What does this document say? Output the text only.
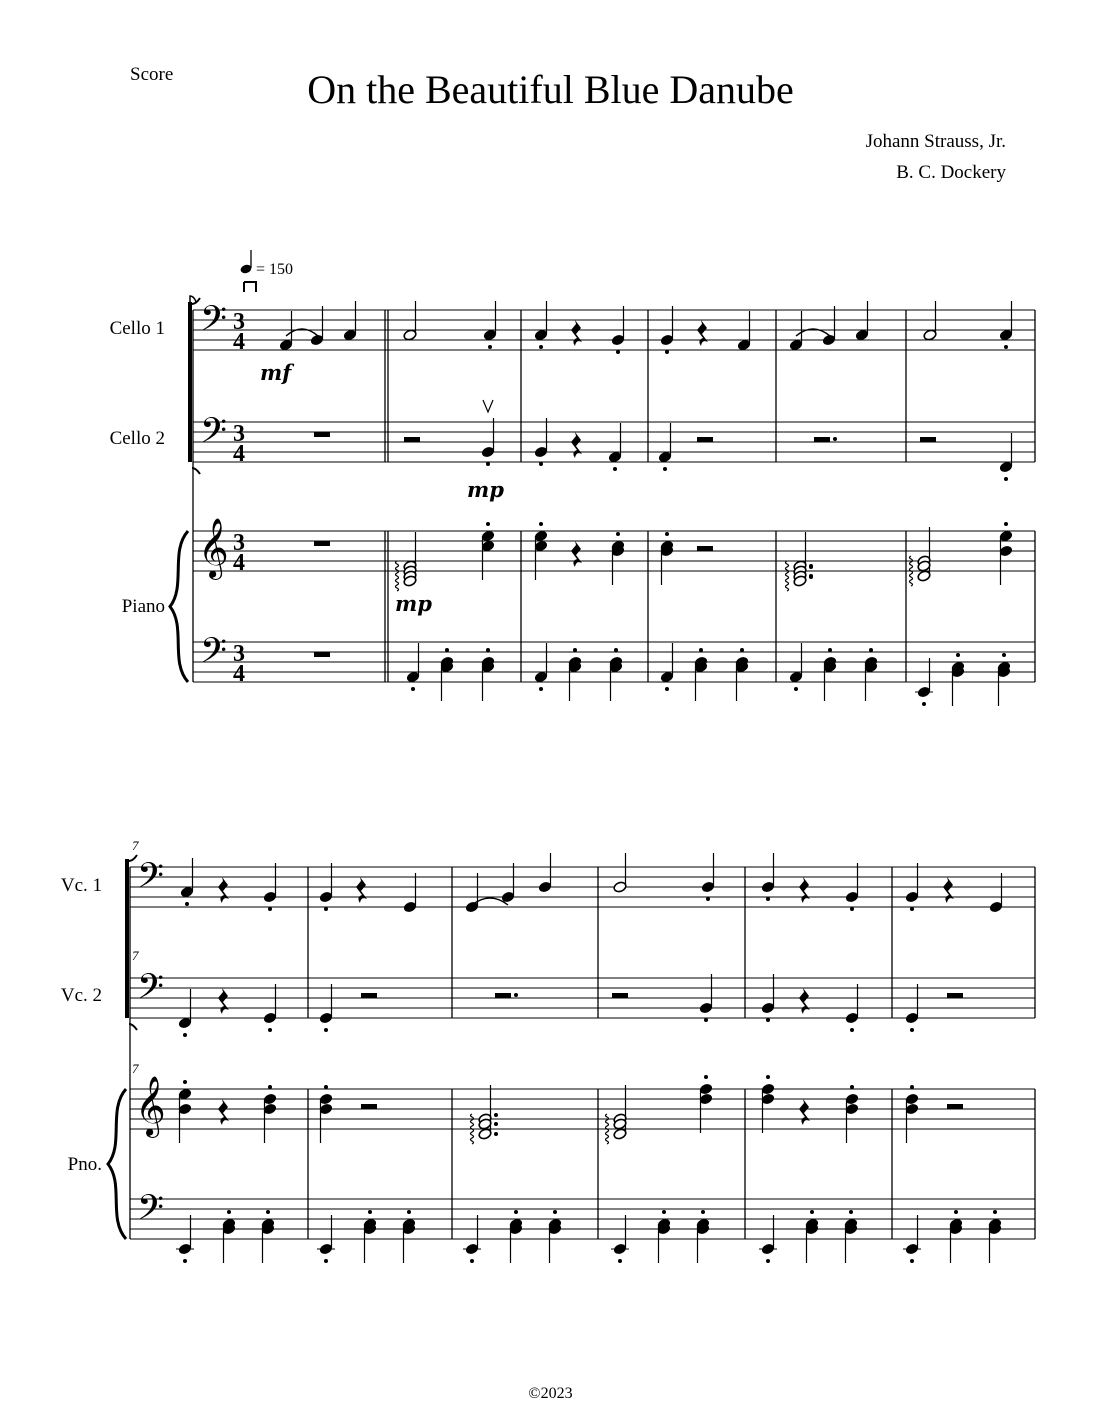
Score	On the Beautiful Blue Danube
Johann Strauss, Jr.
B. C. Dockery
Cello 1
Cello 2
Piano
Vc. 1
Vc. 2
Pno.
= 150
mf
mp
mp
𝄢 3
4
𝄢 3
4
𝄢 3
4
𝄞 3
4
𝄢
𝄢
𝄢
𝄞
7
7
7
©2023
